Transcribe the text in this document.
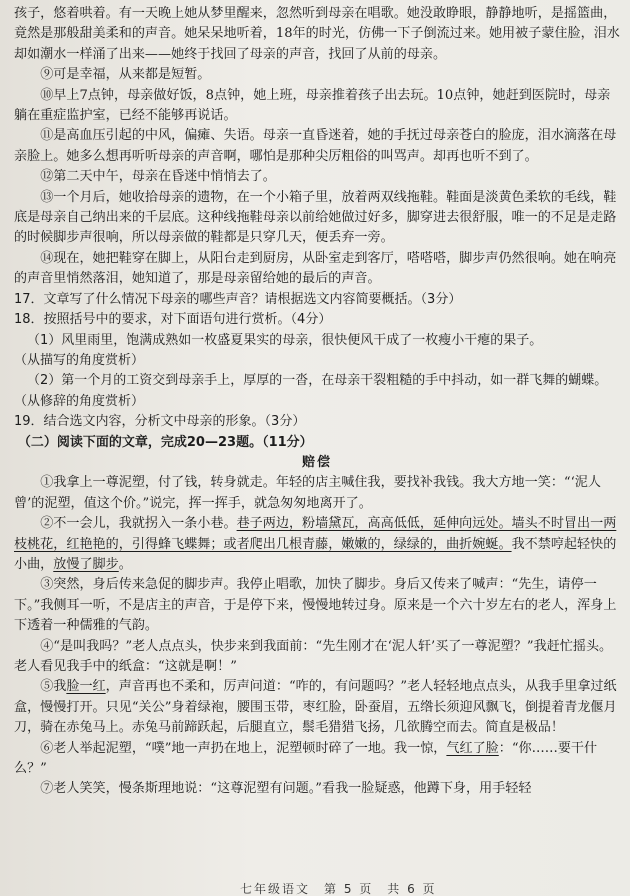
孩子，悠着哄着。有一天晚上她从梦里醒来，忽然听到母亲在唱歌。她没敢睁眼，静静地听，是摇篮曲，竟然是那般甜美柔和的声音。她呆呆地听着，18年的时光，仿佛一下子倒流过来。她用被子蒙住脸，泪水却如潮水一样涌了出来——她终于找回了母亲的声音，找回了从前的母亲。

⑨可是幸福，从来都是短暂。

⑩早上7点钟，母亲做好饭，8点钟，她上班，母亲推着孩子出去玩。10点钟，她赶到医院时，母亲躺在重症监护室，已经不能够再说话。

⑪是高血压引起的中风，偏瘫、失语。母亲一直昏迷着，她的手抚过母亲苍白的脸庞，泪水滴落在母亲脸上。她多么想再听听母亲的声音啊，哪怕是那种尖厉粗俗的叫骂声。却再也听不到了。

⑫第二天中午，母亲在昏迷中悄悄去了。

⑬一个月后，她收拾母亲的遗物，在一个小箱子里，放着两双线拖鞋。鞋面是淡黄色柔软的毛线，鞋底是母亲自己纳出来的千层底。这种线拖鞋母亲以前给她做过好多，脚穿进去很舒服，唯一的不足是走路的时候脚步声很响，所以母亲做的鞋都是只穿几天，便丢弃一旁。

⑭现在，她把鞋穿在脚上，从阳台走到厨房，从卧室走到客厅，嗒嗒嗒，脚步声仍然很响。她在响亮的声音里悄然落泪，她知道了，那是母亲留给她的最后的声音。

17．文章写了什么情况下母亲的哪些声音？请根据选文内容简要概括。（3分）

18．按照括号中的要求，对下面语句进行赏析。（4分）

（1）风里雨里，饱满成熟如一枚盛夏果实的母亲，很快便风干成了一枚瘦小干瘪的果子。

（从描写的角度赏析）

（2）第一个月的工资交到母亲手上，厚厚的一沓，在母亲干裂粗糙的手中抖动，如一群飞舞的蝴蝶。（从修辞的角度赏析）

19．结合选文内容，分析文中母亲的形象。（3分）

（二）阅读下面的文章，完成20—23题。（11分）

赔偿

①我拿上一尊泥塑，付了钱，转身就走。年轻的店主喊住我，要找补我钱。我大方地一笑：“‘泥人曾’的泥塑，值这个价。”说完，挥一挥手，就急匆匆地离开了。

②不一会儿，我就拐入一条小巷。巷子两边，粉墙黛瓦，高高低低，延伸向远处。墙头不时冒出一两枝桃花，红艳艳的，引得蜂飞蝶舞；或者爬出几根青藤，嫩嫩的，绿绿的，曲折婉蜒。我不禁哼起轻快的小曲，放慢了脚步。

③突然，身后传来急促的脚步声。我停止唱歌，加快了脚步。身后又传来了喊声：“先生，请停一下。”我侧耳一听，不是店主的声音，于是停下来，慢慢地转过身。原来是一个六十岁左右的老人，浑身上下透着一种儒雅的气韵。

④“是叫我吗？”老人点点头，快步来到我面前：“先生刚才在‘泥人轩’买了一尊泥塑？”我赶忙摇头。老人看见我手中的纸盒：“这就是啊！”

⑤我脸一红，声音再也不柔和，厉声问道：“咋的，有问题吗？”老人轻轻地点点头，从我手里拿过纸盒，慢慢打开。只见“关公”身着绿袍，腰围玉带，枣红脸，卧蚕眉，五绺长须迎风飘飞，倒提着青龙偃月刀，骑在赤兔马上。赤兔马前蹄跃起，后腿直立，鬃毛猎猎飞扬，几欲腾空而去。简直是极品！

⑥老人举起泥塑，“噗”地一声扔在地上，泥塑顿时碎了一地。我一惊，气红了脸：“你……要干什么？”

⑦老人笑笑，慢条斯理地说：“这尊泥塑有问题。”看我一脸疑惑，他蹲下身，用手轻轻

七年级语文　第 5 页　共 6 页
